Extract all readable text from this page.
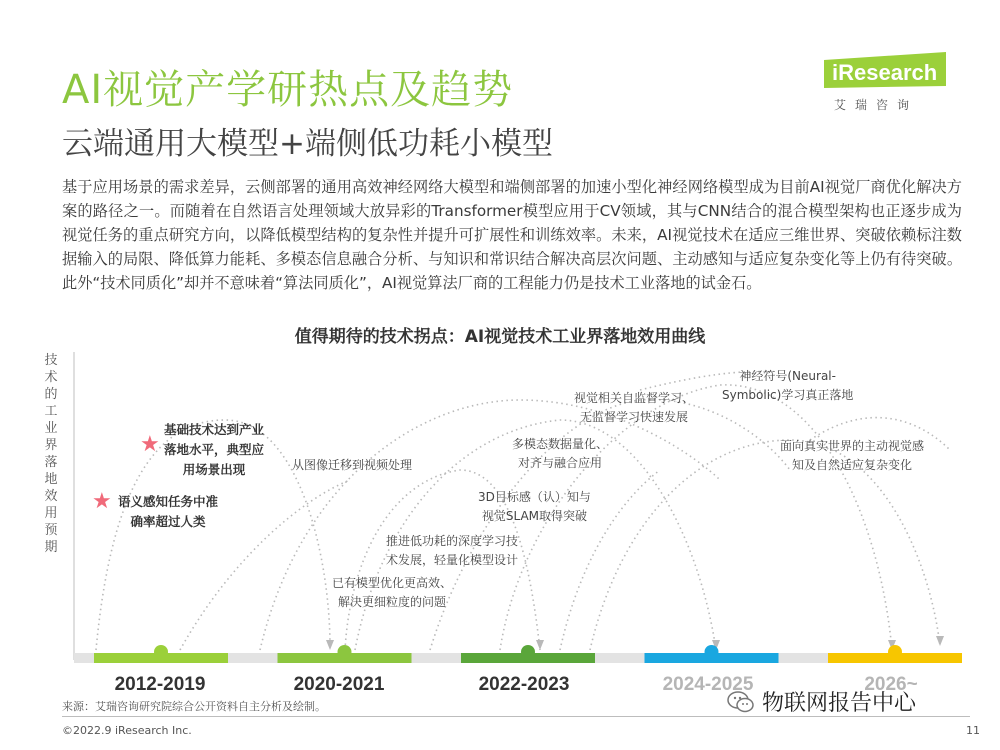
AI视觉产学研热点及趋势
云端通用大模型+端侧低功耗小模型
iResearch
艾瑞咨询
基于应用场景的需求差异，云侧部署的通用高效神经网络大模型和端侧部署的加速小型化神经网络模型成为目前AI视觉厂商优化解决方案的路径之一。而随着在自然语言处理领域大放异彩的Transformer模型应用于CV领域，其与CNN结合的混合模型架构也正逐步成为视觉任务的重点研究方向，以降低模型结构的复杂性并提升可扩展性和训练效率。未来，AI视觉技术在适应三维世界、突破依赖标注数据输入的局限、降低算力能耗、多模态信息融合分析、与知识和常识结合解决高层次问题、主动感知与适应复杂变化等上仍有待突破。此外“技术同质化”却并不意味着“算法同质化”，AI视觉算法厂商的工程能力仍是技术工业落地的试金石。
值得期待的技术拐点：AI视觉技术工业界落地效用曲线
技术的工业界落地效用预期
★ 语义感知任务中准
确率超过人类
★
基础技术达到产业
落地水平，典型应
用场景出现	从图像迁移到视频处理
已有模型优化更高效、
解决更细粒度的问题
推进低功耗的深度学习技
术发展，轻量化模型设计
3D目标感（认）知与
视觉SLAM取得突破
多模态数据量化、
对齐与融合应用
视觉相关自监督学习、
无监督学习快速发展
神经符号(Neural-
Symbolic)学习真正落地
面向真实世界的主动视觉感
知及自然适应复杂变化
2012-2019	2020-2021	2022-2023	2024-2025	2026~
来源：艾瑞咨询研究院综合公开资料自主分析及绘制。
©2022.9 iResearch Inc.	11
物联网报告中心
